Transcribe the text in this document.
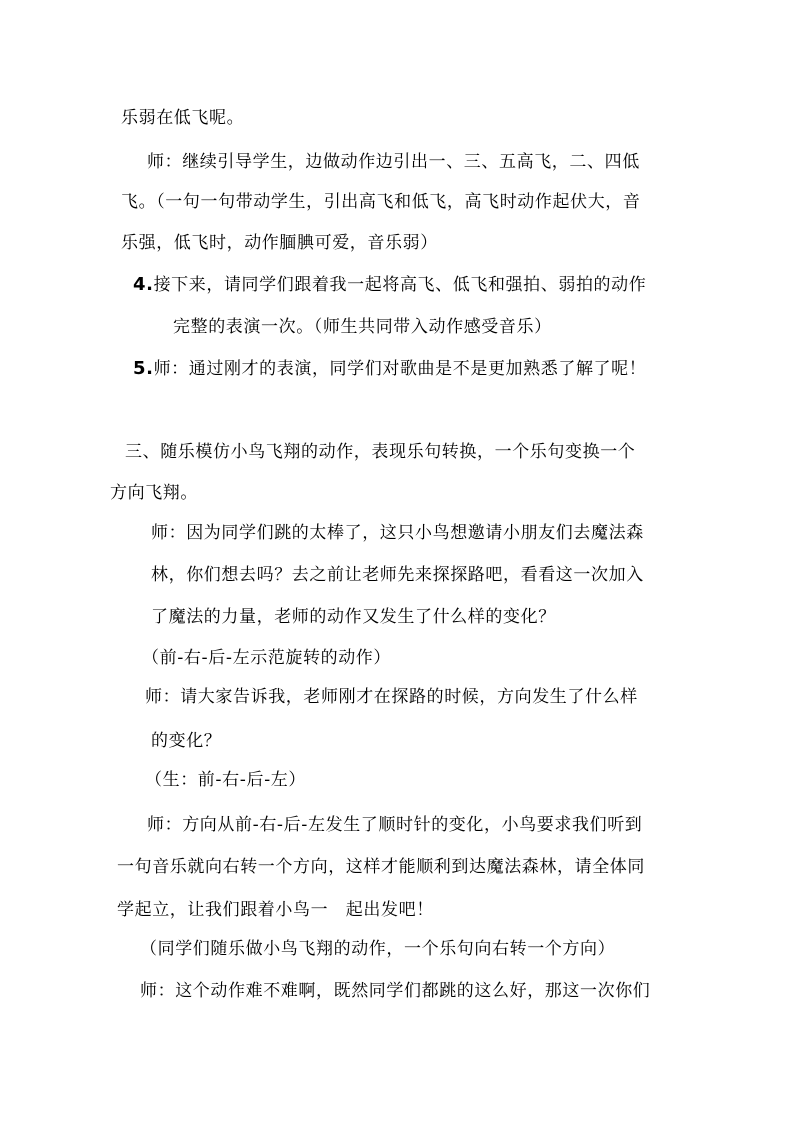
乐弱在低飞呢。
师：继续引导学生，边做动作边引出一、三、五高飞，二、四低
飞。（一句一句带动学生，引出高飞和低飞，高飞时动作起伏大，音
乐强，低飞时，动作腼腆可爱，音乐弱）
4.接下来，请同学们跟着我一起将高飞、低飞和强拍、弱拍的动作
完整的表演一次。（师生共同带入动作感受音乐）
5.师：通过刚才的表演，同学们对歌曲是不是更加熟悉了解了呢！
三、随乐模仿小鸟飞翔的动作，表现乐句转换，一个乐句变换一个
方向飞翔。
师：因为同学们跳的太棒了，这只小鸟想邀请小朋友们去魔法森
林，你们想去吗？去之前让老师先来探探路吧，看看这一次加入
了魔法的力量，老师的动作又发生了什么样的变化？
（前-右-后-左示范旋转的动作）
师：请大家告诉我，老师刚才在探路的时候，方向发生了什么样
的变化？
（生：前-右-后-左）
师：方向从前-右-后-左发生了顺时针的变化，小鸟要求我们听到
一句音乐就向右转一个方向，这样才能顺利到达魔法森林，请全体同
学起立，让我们跟着小鸟一　起出发吧！
（同学们随乐做小鸟飞翔的动作，一个乐句向右转一个方向）
师：这个动作难不难啊，既然同学们都跳的这么好，那这一次你们
